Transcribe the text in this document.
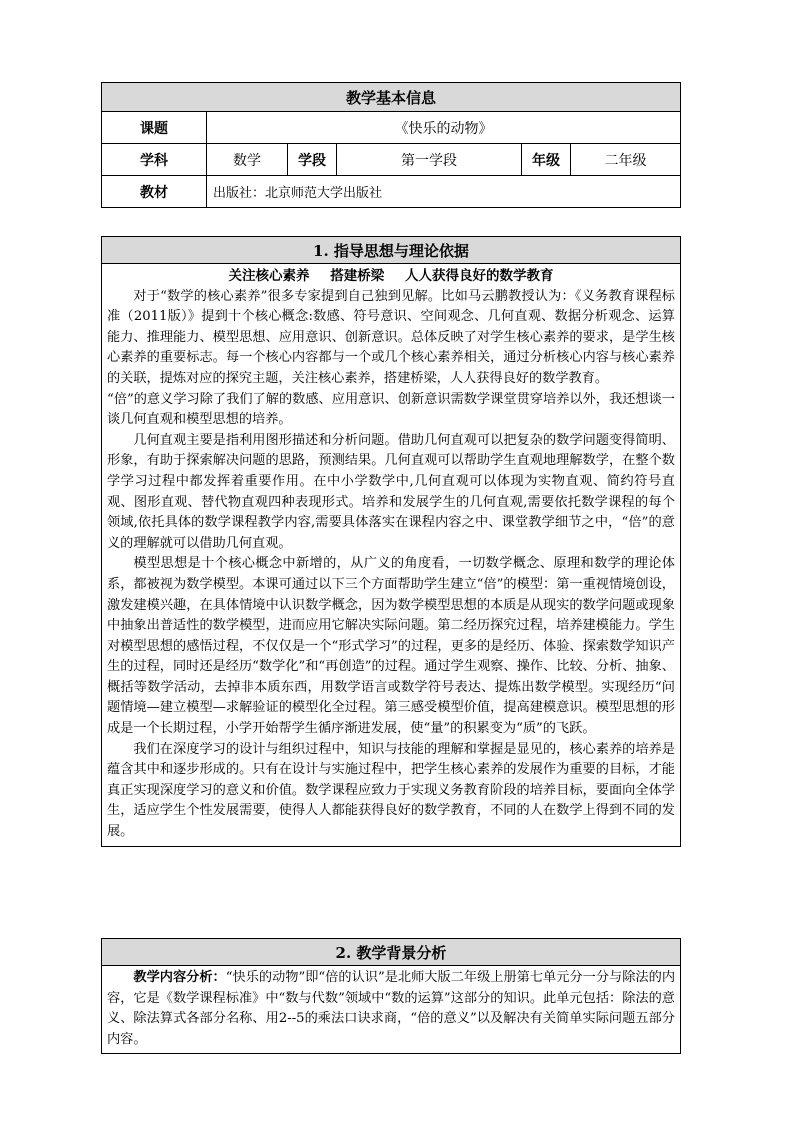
教学基本信息					
课题	《快乐的动物》				
学科	数学	学段	第一学段	年级	二年级
教材	出版社：北京师范大学出版社				
1. 指导思想与理论依据

关注核心素养 搭建桥梁 人人获得良好的数学教育

对于“数学的核心素养”很多专家提到自己独到见解。比如马云鹏教授认为：《义务教育课程标准（2011版）》提到十个核心概念:数感、符号意识、空间观念、几何直观、数据分析观念、运算能力、推理能力、模型思想、应用意识、创新意识。总体反映了对学生核心素养的要求，是学生核心素养的重要标志。每一个核心内容都与一个或几个核心素养相关，通过分析核心内容与核心素养的关联，提炼对应的探究主题，关注核心素养，搭建桥梁，人人获得良好的数学教育。

“倍”的意义学习除了我们了解的数感、应用意识、创新意识需数学课堂贯穿培养以外，我还想谈一谈几何直观和模型思想的培养。

几何直观主要是指利用图形描述和分析问题。借助几何直观可以把复杂的数学问题变得简明、形象，有助于探索解决问题的思路，预测结果。几何直观可以帮助学生直观地理解数学，在整个数学学习过程中都发挥着重要作用。在中小学数学中,几何直观可以体现为实物直观、简约符号直观、图形直观、替代物直观四种表现形式。培养和发展学生的几何直观,需要依托数学课程的每个领域,依托具体的数学课程教学内容,需要具体落实在课程内容之中、课堂教学细节之中，“倍”的意义的理解就可以借助几何直观。

模型思想是十个核心概念中新增的，从广义的角度看，一切数学概念、原理和数学的理论体系，都被视为数学模型。本课可通过以下三个方面帮助学生建立“倍”的模型：第一重视情境创设，激发建模兴趣，在具体情境中认识数学概念，因为数学模型思想的本质是从现实的数学问题或现象中抽象出普适性的数学模型，进而应用它解决实际问题。第二经历探究过程，培养建模能力。学生对模型思想的感悟过程，不仅仅是一个“形式学习”的过程，更多的是经历、体验、探索数学知识产生的过程，同时还是经历“数学化”和“再创造”的过程。通过学生观察、操作、比较、分析、抽象、概括等数学活动，去掉非本质东西，用数学语言或数学符号表达、提炼出数学模型。实现经历“问题情境—建立模型—求解验证的模型化全过程。第三感受模型价值，提高建模意识。模型思想的形成是一个长期过程，小学开始帮学生循序渐进发展，使“量”的积累变为“质”的飞跃。

我们在深度学习的设计与组织过程中，知识与技能的理解和掌握是显见的，核心素养的培养是蕴含其中和逐步形成的。只有在设计与实施过程中，把学生核心素养的发展作为重要的目标，才能真正实现深度学习的意义和价值。数学课程应致力于实现义务教育阶段的培养目标，要面向全体学生，适应学生个性发展需要，使得人人都能获得良好的数学教育，不同的人在数学上得到不同的发展。

2. 教学背景分析

教学内容分析：“快乐的动物”即“倍的认识”是北师大版二年级上册第七单元分一分与除法的内容，它是《数学课程标准》中“数与代数”领域中“数的运算”这部分的知识。此单元包括：除法的意义、除法算式各部分名称、用2--5的乘法口诀求商，“倍的意义”以及解决有关简单实际问题五部分内容。
